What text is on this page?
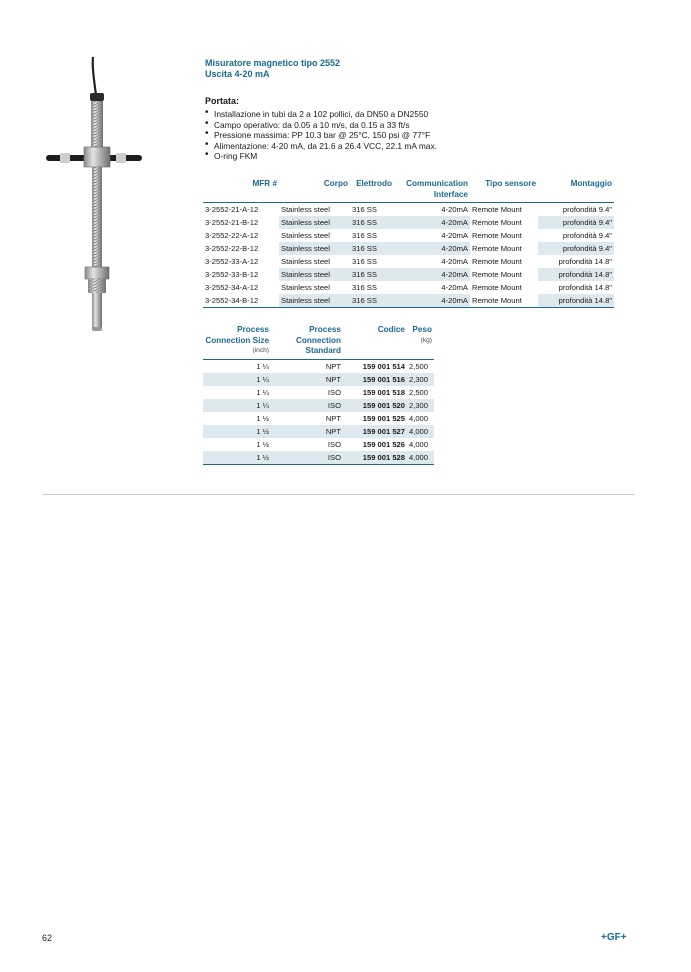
Misuratore magnetico tipo 2552
Uscita 4-20 mA
Portata:
• Installazione in tubi da 2 a 102 pollici, da DN50 a DN2550
• Campo operativo: da 0.05 a 10 m/s, da 0.15 a 33 ft/s
• Pressione massima: PP 10.3 bar @ 25°C, 150 psi @ 77°F
• Alimentazione: 4-20 mA, da 21.6 a 26.4 VCC, 22.1 mA max.
• O-ring FKM
MFR #	Corpo	Elettrodo	Communication Interface	Tipo sensore	Montaggio
3-2552-21-A-12	Stainless steel	316 SS	4-20mA	Remote Mount	profondità 9.4"
3-2552-21-B-12	Stainless steel	316 SS	4-20mA	Remote Mount	profondità 9.4"
3-2552-22-A-12	Stainless steel	316 SS	4-20mA	Remote Mount	profondità 9.4"
3-2552-22-B-12	Stainless steel	316 SS	4-20mA	Remote Mount	profondità 9.4"
3-2552-33-A-12	Stainless steel	316 SS	4-20mA	Remote Mount	profondità 14.8"
3-2552-33-B-12	Stainless steel	316 SS	4-20mA	Remote Mount	profondità 14.8"
3-2552-34-A-12	Stainless steel	316 SS	4-20mA	Remote Mount	profondità 14.8"
3-2552-34-B-12	Stainless steel	316 SS	4-20mA	Remote Mount	profondità 14.8"
Process Connection Size
(inch)	Process Connection Standard	Codice	Peso
(kg)

1 ¼	NPT	159 001 514	2,500
1 ¼	NPT	159 001 516	2,300
1 ¼	ISO	159 001 518	2,500
1 ¼	ISO	159 001 520	2,300
1 ½	NPT	159 001 525	4,000
1 ½	NPT	159 001 527	4,000
1 ½	ISO	159 001 526	4,000
1 ½	ISO	159 001 528	4,000
62	+GF+
